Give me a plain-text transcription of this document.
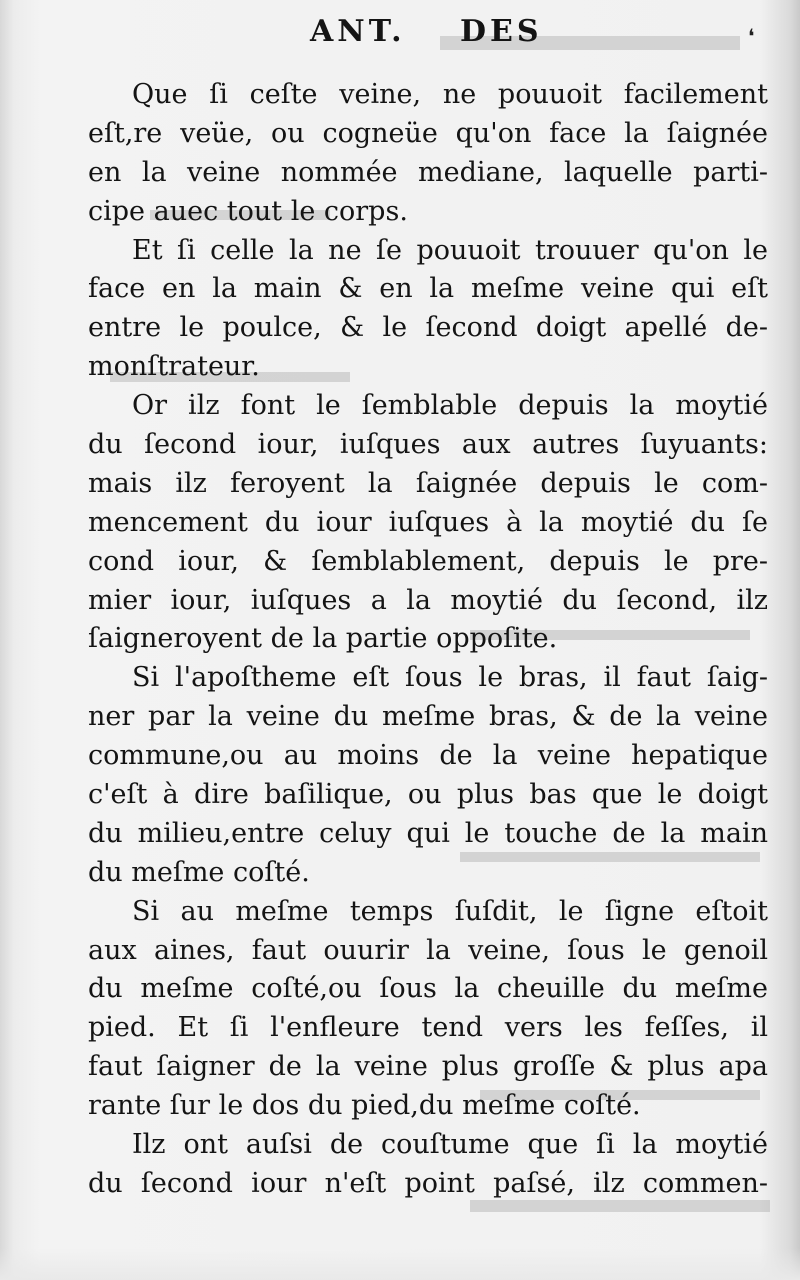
ANT. DES	❛
Que ſi ceſte veine, ne pouuoit facilement
eſt,re veüe, ou cogneüe qu'on face la ſaignée
en la veine nommée mediane, laquelle parti-
cipe auec tout le corps.
Et ſi celle la ne ſe pouuoit trouuer qu'on le
face en la main & en la meſme veine qui eſt
entre le poulce, & le ſecond doigt apellé de-
monſtrateur.
Or ilz font le ſemblable depuis la moytié
du ſecond iour, iuſques aux autres ſuyuants:
mais ilz feroyent la ſaignée depuis le com-
mencement du iour iuſques à la moytié du ſe
cond iour, & ſemblablement, depuis le pre-
mier iour, iuſques a la moytié du ſecond, ilz
ſaigneroyent de la partie oppoſite.
Si l'apoſtheme eſt ſous le bras, il faut ſaig-
ner par la veine du meſme bras, & de la veine
commune,ou au moins de la veine hepatique
c'eſt à dire baſilique, ou plus bas que le doigt
du milieu,entre celuy qui le touche de la main
du meſme coſté.
Si au meſme temps ſuſdit, le ſigne eſtoit
aux aines, faut ouurir la veine, ſous le genoil
du meſme coſté,ou ſous la cheuille du meſme
pied. Et ſi l'enfleure tend vers les feſſes, il
faut ſaigner de la veine plus groſſe & plus apa
rante ſur le dos du pied,du meſme coſté.
Ilz ont auſsi de couſtume que ſi la moytié
du ſecond iour n'eſt point paſsé, ilz commen-
